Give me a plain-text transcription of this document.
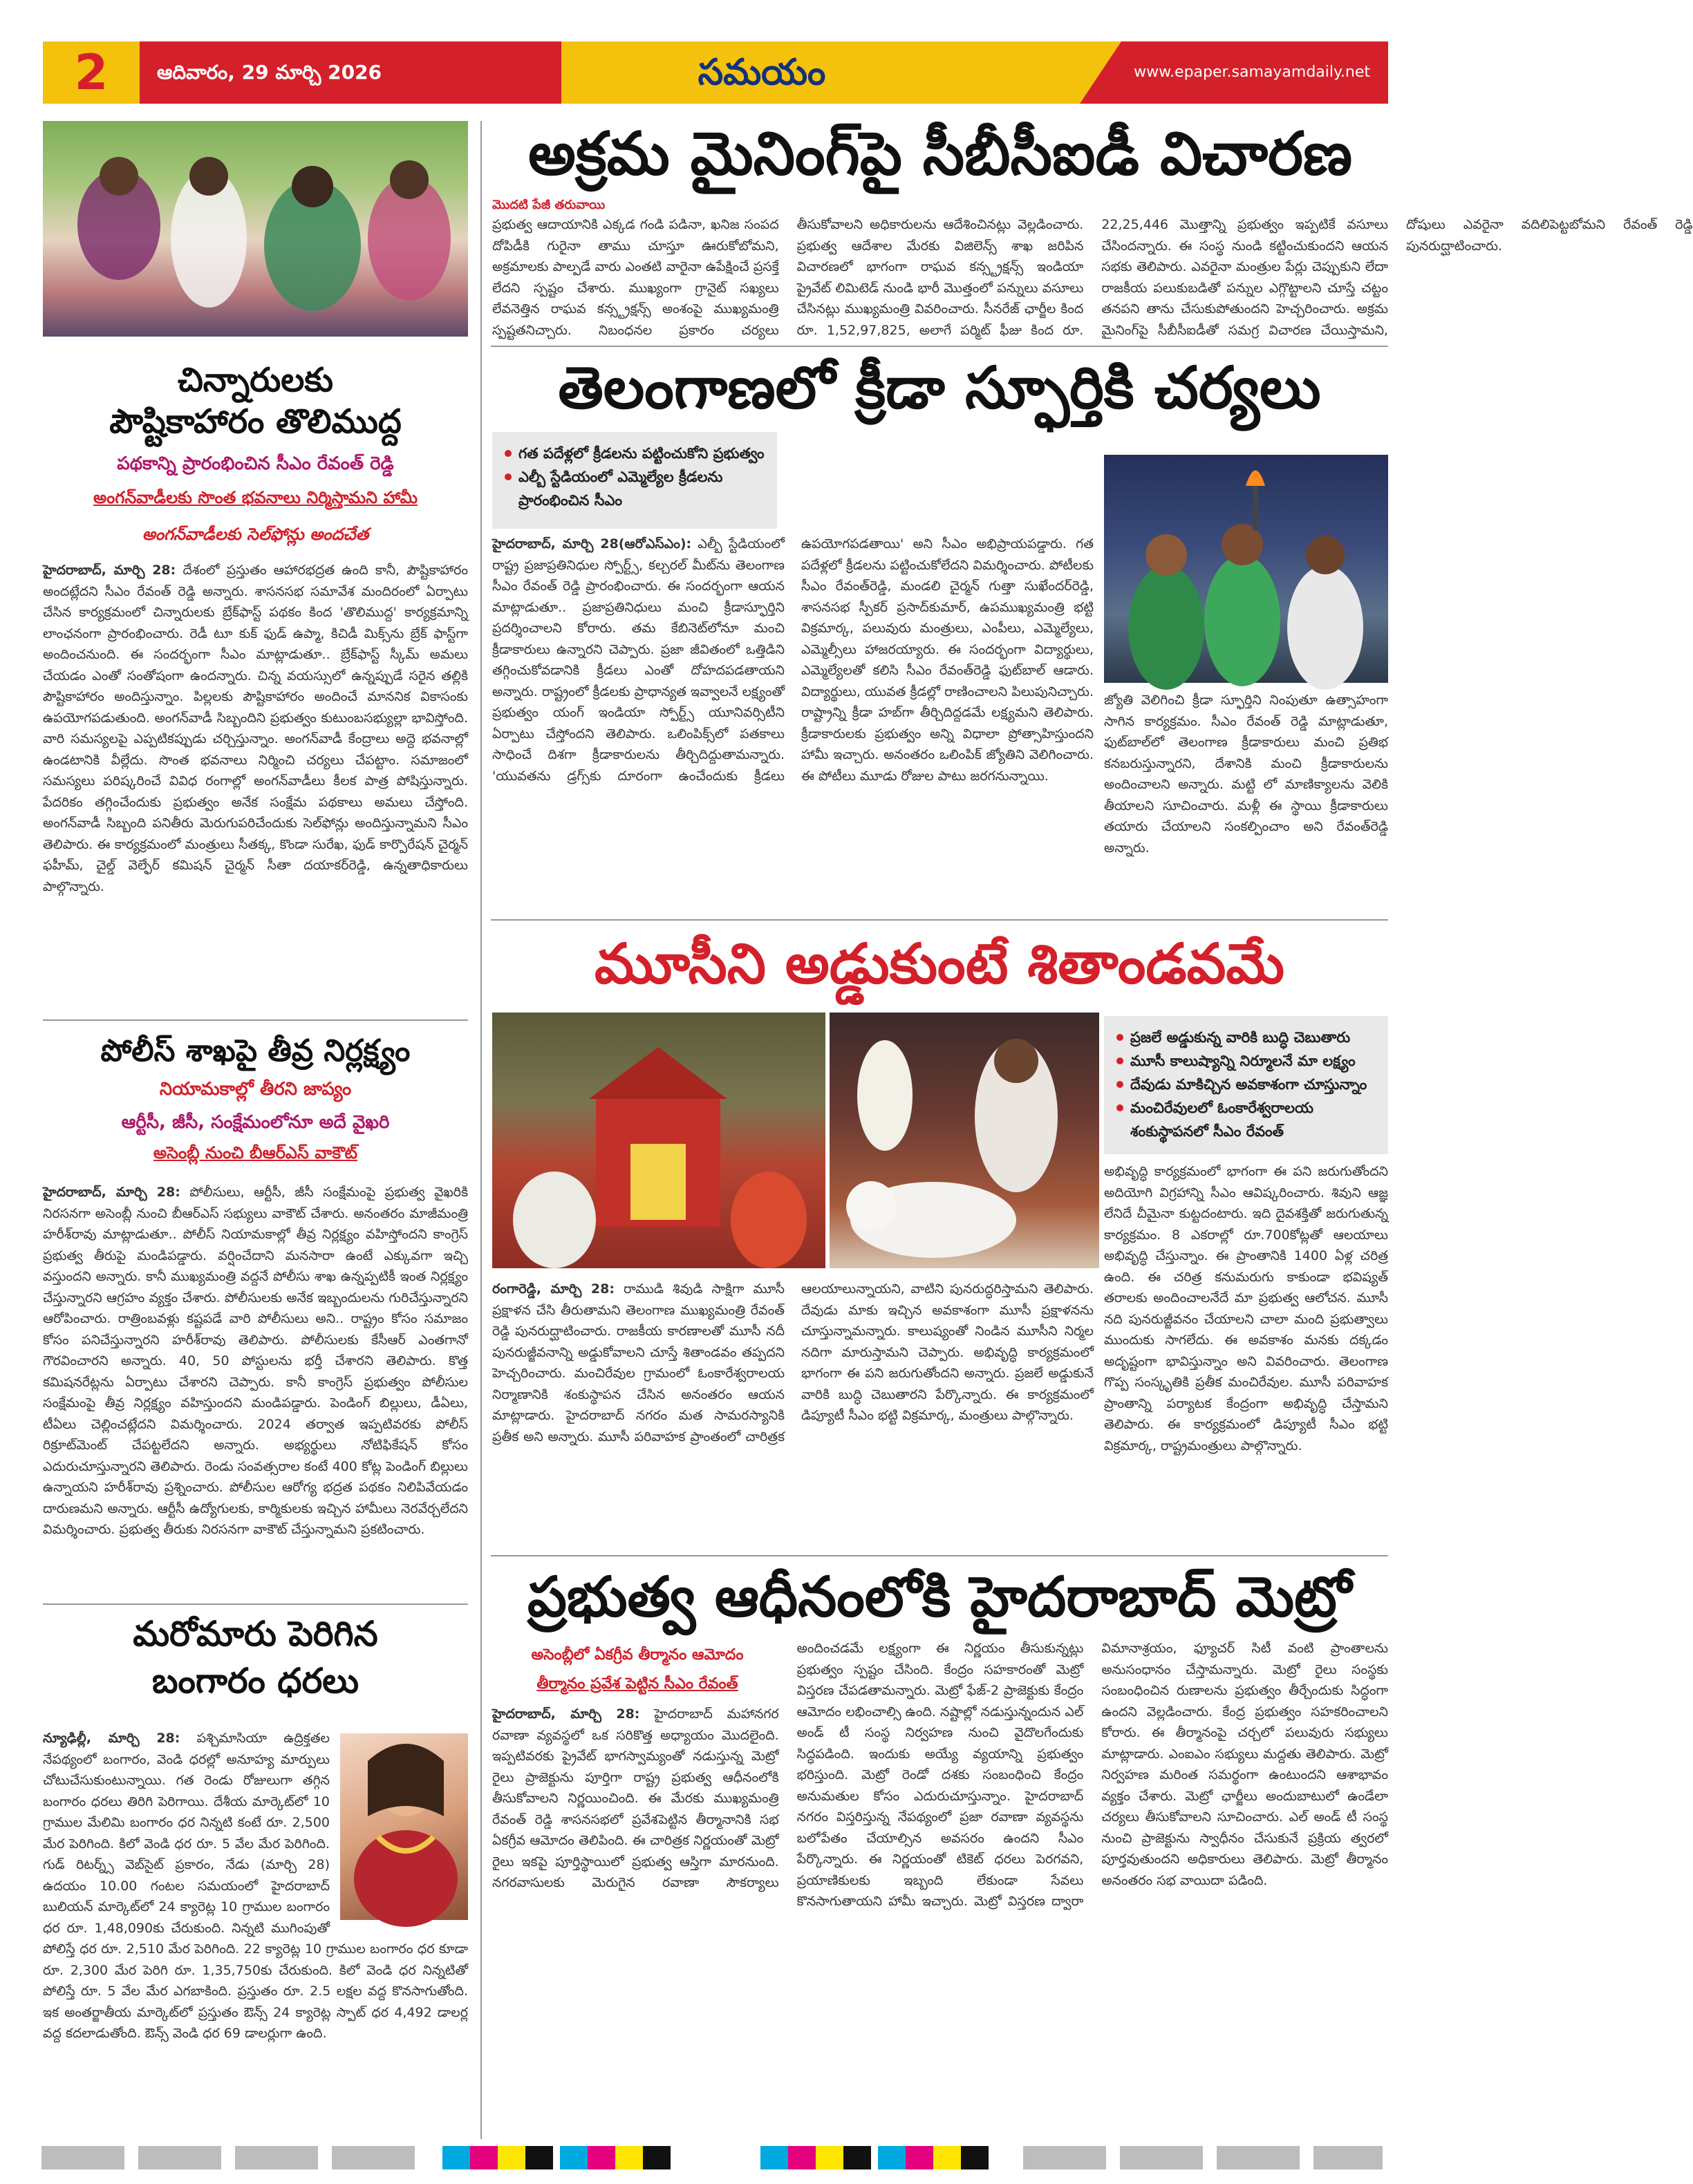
2	ఆదివారం, 29 మార్చి 2026	సమయం	www.epaper.samayamdaily.net
చిన్నారులకు
పౌష్టికాహారం తొలిముద్ద
పథకాన్ని ప్రారంభించిన సీఎం రేవంత్ రెడ్డి
అంగన్‌వాడీలకు సొంత భవనాలు నిర్మిస్తామని హామీ
అంగన్‌వాడీలకు సెల్‌ఫోన్లు అందచేత
హైదరాబాద్, మార్చి 28: దేశంలో ప్రస్తుతం ఆహారభద్రత ఉంది కానీ, పౌష్టికాహారం అందట్లేదని సీఎం రేవంత్ రెడ్డి అన్నారు. శాసనసభ సమావేశ మందిరంలో ఏర్పాటు చేసిన కార్యక్రమంలో చిన్నారులకు బ్రేక్‌ఫాస్ట్ పథకం కింద 'తొలిముద్ద' కార్యక్రమాన్ని లాంఛనంగా ప్రారంభించారు. రెడీ టూ కుక్ ఫుడ్ ఉప్మా, కిచిడీ మిక్స్‌ను బ్రేక్ ఫాస్ట్‌గా అందించనుంది. ఈ సందర్భంగా సీఎం మాట్లాడుతూ.. బ్రేక్‌ఫాస్ట్ స్కీమ్ అమలు చేయడం ఎంతో సంతోషంగా ఉందన్నారు. చిన్న వయస్సులో ఉన్నప్పుడే సరైన తల్లికి పౌష్టికాహారం అందిస్తున్నాం. పిల్లలకు పౌష్టికాహారం అందించే మాననిక వికాసంకు ఉపయోగపడుతుంది. అంగన్‌వాడీ సిబ్బందిని ప్రభుత్వం కుటుంబసభ్యుల్లా భావిస్తోంది. వారి సమస్యలపై ఎప్పటికప్పుడు చర్చిస్తున్నాం. అంగన్‌వాడీ కేంద్రాలు అద్దె భవనాల్లో ఉండటానికి వీల్లేదు. సొంత భవనాలు నిర్మించి చర్యలు చేపట్టాం. సమాజంలో సమస్యలు పరిష్కరించే వివిధ రంగాల్లో అంగన్‌వాడీలు కీలక పాత్ర పోషిస్తున్నారు. పేదరికం తగ్గించేందుకు ప్రభుత్వం అనేక సంక్షేమ పథకాలు అమలు చేస్తోంది. అంగన్‌వాడీ సిబ్బంది పనితీరు మెరుగుపరిచేందుకు సెల్‌ఫోన్లు అందిస్తున్నామని సీఎం తెలిపారు. ఈ కార్యక్రమంలో మంత్రులు సీతక్క, కొండా సురేఖ, ఫుడ్ కార్పొరేషన్ చైర్మన్ ఫహీమ్, చైల్డ్ వెల్ఫేర్ కమిషన్ చైర్మన్ సీతా దయాకర్‌రెడ్డి, ఉన్నతాధికారులు పాల్గొన్నారు.
పోలీస్ శాఖపై తీవ్ర నిర్లక్ష్యం
నియామకాల్లో తీరని జాప్యం
ఆర్టీసీ, జీసీ, సంక్షేమంలోనూ అదే వైఖరి
అసెంబ్లీ నుంచి బీఆర్ఎస్ వాకౌట్
హైదరాబాద్, మార్చి 28: పోలీసులు, ఆర్టీసీ, జీసీ సంక్షేమంపై ప్రభుత్వ వైఖరికి నిరసనగా అసెంబ్లీ నుంచి బీఆర్ఎస్ సభ్యులు వాకౌట్ చేశారు. అనంతరం మాజీమంత్రి హరీశ్‌రావు మాట్లాడుతూ.. పోలీస్ నియామకాల్లో తీవ్ర నిర్లక్ష్యం వహిస్తోందని కాంగ్రెస్ ప్రభుత్వ తీరుపై మండిపడ్డారు. వర్షించేదాని మనసారా ఉంటే ఎక్కువగా ఇచ్చి వస్తుందని అన్నారు. కానీ ముఖ్యమంత్రి వద్దనే పోలీసు శాఖ ఉన్నప్పటికీ ఇంత నిర్లక్ష్యం చేస్తున్నారని ఆగ్రహం వ్యక్తం చేశారు. పోలీసులకు అనేక ఇబ్బందులను గురిచేస్తున్నారని ఆరోపించారు. రాత్రింబవళ్లు కష్టపడే వారి పోలీసులు అని.. రాష్ట్రం కోసం సమాజం కోసం పనిచేస్తున్నారని హరీశ్‌రావు తెలిపారు. పోలీసులకు కేసీఆర్ ఎంతగానో గౌరవించారని అన్నారు. 40, 50 పోస్టులను భర్తీ చేశారని తెలిపారు. కొత్త కమిషనరేట్లను ఏర్పాటు చేశారని చెప్పారు. కానీ కాంగ్రెస్ ప్రభుత్వం పోలీసుల సంక్షేమంపై తీవ్ర నిర్లక్ష్యం వహిస్తుందని మండిపడ్డారు. పెండింగ్ బిల్లులు, డీఏలు, టీఏలు చెల్లించట్లేదని విమర్శించారు. 2024 తర్వాత ఇప్పటివరకు పోలీస్ రిక్రూట్‌మెంట్ చేపట్టలేదని అన్నారు. అభ్యర్థులు నోటిఫికేషన్ కోసం ఎదురుచూస్తున్నారని తెలిపారు. రెండు సంవత్సరాల కంటే 400 కోట్ల పెండింగ్ బిల్లులు ఉన్నాయని హరీశ్‌రావు ప్రశ్నించారు. పోలీసుల ఆరోగ్య భద్రత పథకం నిలిపివేయడం దారుణమని అన్నారు. ఆర్టీసీ ఉద్యోగులకు, కార్మికులకు ఇచ్చిన హామీలు నెరవేర్చలేదని విమర్శించారు. ప్రభుత్వ తీరుకు నిరసనగా వాకౌట్ చేస్తున్నామని ప్రకటించారు.
మరోమారు పెరిగిన
బంగారం ధరలు
న్యూఢిల్లీ, మార్చి 28: పశ్చిమాసియా ఉద్రిక్తతల నేపథ్యంలో బంగారం, వెండి ధరల్లో అనూహ్య మార్పులు చోటుచేసుకుంటున్నాయి. గత రెండు రోజులుగా తగ్గిన బంగారం ధరలు తిరిగి పెరిగాయి. దేశీయ మార్కెట్‌లో 10 గ్రాముల మేలిమి బంగారం ధర నిన్నటి కంటే రూ. 2,500 మేర పెరిగింది. కిలో వెండి ధర రూ. 5 వేల మేర పెరిగింది. గుడ్ రిటర్న్స్ వెబ్‌సైట్ ప్రకారం, నేడు (మార్చి 28) ఉదయం 10.00 గంటల సమయంలో హైదరాబాద్ బులియన్ మార్కెట్‌లో 24 క్యారెట్ల 10 గ్రాముల బంగారం ధర రూ. 1,48,090కు చేరుకుంది. నిన్నటి ముగింపుతో పోలిస్తే ధర రూ. 2,510 మేర పెరిగింది. 22 క్యారెట్ల 10 గ్రాముల బంగారం ధర కూడా రూ. 2,300 మేర పెరిగి రూ. 1,35,750కు చేరుకుంది. కిలో వెండి ధర నిన్నటితో పోలిస్తే రూ. 5 వేల మేర ఎగబాకింది. ప్రస్తుతం రూ. 2.5 లక్షల వద్ద కొనసాగుతోంది. ఇక అంతర్జాతీయ మార్కెట్‌లో ప్రస్తుతం ఔన్స్ 24 క్యారెట్ల స్పాట్ ధర 4,492 డాలర్ల వద్ద కదలాడుతోంది. ఔన్స్ వెండి ధర 69 డాలర్లుగా ఉంది.
అక్రమ మైనింగ్‌పై సీబీసీఐడీ విచారణ
మొదటి పేజీ తరువాయి
ప్రభుత్వ ఆదాయానికి ఎక్కడ గండి పడినా, ఖనిజ సంపద దోపిడీకి గురైనా తాము చూస్తూ ఊరుకోబోమని, అక్రమాలకు పాల్పడే వారు ఎంతటి వారైనా ఉపేక్షించే ప్రసక్తే లేదని స్పష్టం చేశారు. ముఖ్యంగా గ్రానైట్ సఖ్యలు లేవనెత్తిన రాఘవ కన్స్ట్రక్షన్స్ అంశంపై ముఖ్యమంత్రి స్పష్టతనిచ్చారు. నిబంధనల ప్రకారం చర్యలు తీసుకోవాలని అధికారులను ఆదేశించినట్లు వెల్లడించారు. ప్రభుత్వ ఆదేశాల మేరకు విజిలెన్స్ శాఖ జరిపిన విచారణలో భాగంగా రాఘవ కన్స్ట్రక్షన్స్ ఇండియా ప్రైవేట్ లిమిటెడ్ నుండి భారీ మొత్తంలో పన్నులు వసూలు చేసినట్లు ముఖ్యమంత్రి వివరించారు. సీనరేజ్ ఛార్జీల కింద రూ. 1,52,97,825, అలాగే పర్మిట్ ఫీజు కింద రూ. 22,25,446 మొత్తాన్ని ప్రభుత్వం ఇప్పటికే వసూలు చేసిందన్నారు. ఈ సంస్థ నుండి కట్టించుకుందని ఆయన సభకు తెలిపారు. ఎవరైనా మంత్రుల పేర్లు చెప్పుకుని లేదా రాజకీయ పలుకుబడితో పన్నుల ఎగ్గొట్టాలని చూస్తే చట్టం తనపని తాను చేసుకుపోతుందని హెచ్చరించారు. అక్రమ మైనింగ్‌పై సీబీసీఐడీతో సమగ్ర విచారణ చేయిస్తామని, దోషులు ఎవరైనా వదిలిపెట్టబోమని రేవంత్ రెడ్డి పునరుద్ఘాటించారు.
తెలంగాణలో క్రీడా స్ఫూర్తికి చర్యలు
గత పదేళ్లలో క్రీడలను పట్టించుకోని ప్రభుత్వం
ఎల్బీ స్టేడియంలో ఎమ్మెల్యేల క్రీడలను ప్రారంభించిన సీఎం
హైదరాబాద్, మార్చి 28(ఆరోఎస్ఎం): ఎల్బీ స్టేడియంలో రాష్ట్ర ప్రజాప్రతినిధుల స్పోర్ట్స్, కల్చరల్ మీట్‌ను తెలంగాణ సీఎం రేవంత్ రెడ్డి ప్రారంభించారు. ఈ సందర్భంగా ఆయన మాట్లాడుతూ.. ప్రజాప్రతినిధులు మంచి క్రీడాస్ఫూర్తిని ప్రదర్శించాలని కోరారు. తమ కేబినెట్‌లోనూ మంచి క్రీడాకారులు ఉన్నారని చెప్పారు. ప్రజా జీవితంలో ఒత్తిడిని తగ్గించుకోవడానికి క్రీడలు ఎంతో దోహదపడతాయని అన్నారు. రాష్ట్రంలో క్రీడలకు ప్రాధాన్యత ఇవ్వాలనే లక్ష్యంతో ప్రభుత్వం యంగ్ ఇండియా స్పోర్ట్స్ యూనివర్సిటీని ఏర్పాటు చేస్తోందని తెలిపారు. ఒలింపిక్స్‌లో పతకాలు సాధించే దిశగా క్రీడాకారులను తీర్చిదిద్దుతామన్నారు. 'యువతను డ్రగ్స్‌కు దూరంగా ఉంచేందుకు క్రీడలు ఉపయోగపడతాయి' అని సీఎం అభిప్రాయపడ్డారు. గత పదేళ్లలో క్రీడలను పట్టించుకోలేదని విమర్శించారు. పోటీలకు సీఎం రేవంత్‌రెడ్డి, మండలి చైర్మన్ గుత్తా సుఖేందర్‌రెడ్డి, శాసనసభ స్పీకర్ ప్రసాద్‌కుమార్, ఉపముఖ్యమంత్రి భట్టి విక్రమార్క, పలువురు మంత్రులు, ఎంపీలు, ఎమ్మెల్యేలు, ఎమ్మెల్సీలు హాజరయ్యారు. ఈ సందర్భంగా విద్యార్థులు, ఎమ్మెల్యేలతో కలిసి సీఎం రేవంత్‌రెడ్డి ఫుట్‌బాల్ ఆడారు. విద్యార్థులు, యువత క్రీడల్లో రాణించాలని పిలుపునిచ్చారు. రాష్ట్రాన్ని క్రీడా హబ్‌గా తీర్చిదిద్దడమే లక్ష్యమని తెలిపారు. క్రీడాకారులకు ప్రభుత్వం అన్ని విధాలా ప్రోత్సాహిస్తుందని హామీ ఇచ్చారు. అనంతరం ఒలింపిక్ జ్యోతిని వెలిగించారు. ఈ పోటీలు మూడు రోజుల పాటు జరగనున్నాయి.
జ్యోతి వెలిగించి క్రీడా స్ఫూర్తిని నింపుతూ ఉత్సాహంగా సాగిన కార్యక్రమం. సీఎం రేవంత్ రెడ్డి మాట్లాడుతూ, ఫుట్‌బాల్‌లో తెలంగాణ క్రీడాకారులు మంచి ప్రతిభ కనబరుస్తున్నారని, దేశానికి మంచి క్రీడాకారులను అందించాలని అన్నారు. మట్టి లో మాణిక్యాలను వెలికి తీయాలని సూచించారు. మళ్లీ ఈ స్థాయి క్రీడాకారులు తయారు చేయాలని సంకల్పించాం అని రేవంత్‌రెడ్డి అన్నారు.
మూసీని అడ్డుకుంటే శితాండవమే
ప్రజలే అడ్డుకున్న వారికి బుద్ధి చెబుతారు
మూసీ కాలుష్యాన్ని నిర్మూలనే మా లక్ష్యం
దేవుడు మాకిచ్చిన అవకాశంగా చూస్తున్నాం
మంచిరేవులలో ఓంకారేశ్వరాలయ శంకుస్థాపనలో సీఎం రేవంత్
అభివృద్ధి కార్యక్రమంలో భాగంగా ఈ పని జరుగుతోందని అదియోగి విగ్రహాన్ని సీఎం ఆవిష్కరించారు. శివుని ఆజ్ఞ లేనిదే చీమైనా కుట్టదంటారు. ఇది దైవశక్తితో జరుగుతున్న కార్యక్రమం. 8 ఎకరాల్లో రూ.700కోట్లతో ఆలయాలు అభివృద్ధి చేస్తున్నాం. ఈ ప్రాంతానికి 1400 ఏళ్ల చరిత్ర ఉంది. ఈ చరిత్ర కనుమరుగు కాకుండా భవిష్యత్ తరాలకు అందించాలనేదే మా ప్రభుత్వ ఆలోచన. మూసీ నది పునరుజ్జీవనం చేయాలని చాలా మంది ప్రభుత్వాలు ముందుకు సాగలేదు. ఈ అవకాశం మనకు దక్కడం అదృష్టంగా భావిస్తున్నాం అని వివరించారు. తెలంగాణ గొప్ప సంస్కృతికి ప్రతీక మంచిరేవుల. మూసీ పరివాహక ప్రాంతాన్ని పర్యాటక కేంద్రంగా అభివృద్ధి చేస్తామని తెలిపారు. ఈ కార్యక్రమంలో డిప్యూటీ సీఎం భట్టి విక్రమార్క, రాష్ట్రమంత్రులు పాల్గొన్నారు.
రంగారెడ్డి, మార్చి 28: రాముడి శివుడి సాక్షిగా మూసీ ప్రక్షాళన చేసి తీరుతామని తెలంగాణ ముఖ్యమంత్రి రేవంత్ రెడ్డి పునరుద్ఘాటించారు. రాజకీయ కారణాలతో మూసీ నదీ పునరుజ్జీవనాన్ని అడ్డుకోవాలని చూస్తే శితాండవం తప్పదని హెచ్చరించారు. మంచిరేవుల గ్రామంలో ఓంకారేశ్వరాలయ నిర్మాణానికి శంకుస్థాపన చేసిన అనంతరం ఆయన మాట్లాడారు. హైదరాబాద్ నగరం మత సామరస్యానికి ప్రతీక అని అన్నారు. మూసీ పరివాహక ప్రాంతంలో చారిత్రక ఆలయాలున్నాయని, వాటిని పునరుద్ధరిస్తామని తెలిపారు. దేవుడు మాకు ఇచ్చిన అవకాశంగా మూసీ ప్రక్షాళనను చూస్తున్నామన్నారు. కాలుష్యంతో నిండిన మూసీని నిర్మల నదిగా మారుస్తామని చెప్పారు. అభివృద్ధి కార్యక్రమంలో భాగంగా ఈ పని జరుగుతోందని అన్నారు. ప్రజలే అడ్డుకునే వారికి బుద్ధి చెబుతారని పేర్కొన్నారు. ఈ కార్యక్రమంలో డిప్యూటీ సీఎం భట్టి విక్రమార్క, మంత్రులు పాల్గొన్నారు.
ప్రభుత్వ ఆధీనంలోకి హైదరాబాద్ మెట్రో
అసెంబ్లీలో ఏకగ్రీవ తీర్మానం ఆమోదం
తీర్మానం ప్రవేశ పెట్టిన సీఎం రేవంత్
హైదరాబాద్, మార్చి 28: హైదరాబాద్ మహానగర రవాణా వ్యవస్థలో ఒక సరికొత్త అధ్యాయం మొదలైంది. ఇప్పటివరకు ప్రైవేట్ భాగస్వామ్యంతో నడుస్తున్న మెట్రో రైలు ప్రాజెక్టును పూర్తిగా రాష్ట్ర ప్రభుత్వ ఆధీనంలోకి తీసుకోవాలని నిర్ణయించింది. ఈ మేరకు ముఖ్యమంత్రి రేవంత్ రెడ్డి శాసనసభలో ప్రవేశపెట్టిన తీర్మానానికి సభ ఏకగ్రీవ ఆమోదం తెలిపింది. ఈ చారిత్రక నిర్ణయంతో మెట్రో రైలు ఇకపై పూర్తిస్థాయిలో ప్రభుత్వ ఆస్తిగా మారనుంది. నగరవాసులకు మెరుగైన రవాణా సౌకర్యాలు అందించడమే లక్ష్యంగా ఈ నిర్ణయం తీసుకున్నట్లు ప్రభుత్వం స్పష్టం చేసింది. కేంద్రం సహకారంతో మెట్రో విస్తరణ చేపడతామన్నారు. మెట్రో ఫేజ్-2 ప్రాజెక్టుకు కేంద్రం ఆమోదం లభించాల్సి ఉంది. నష్టాల్లో నడుస్తున్నందున ఎల్ అండ్ టీ సంస్థ నిర్వహణ నుంచి వైదొలగేందుకు సిద్ధపడింది. ఇందుకు అయ్యే వ్యయాన్ని ప్రభుత్వం భరిస్తుంది. మెట్రో రెండో దశకు సంబంధించి కేంద్రం అనుమతుల కోసం ఎదురుచూస్తున్నాం. హైదరాబాద్ నగరం విస్తరిస్తున్న నేపథ్యంలో ప్రజా రవాణా వ్యవస్థను బలోపేతం చేయాల్సిన అవసరం ఉందని సీఎం పేర్కొన్నారు. ఈ నిర్ణయంతో టికెట్ ధరలు పెరగవని, ప్రయాణికులకు ఇబ్బంది లేకుండా సేవలు కొనసాగుతాయని హామీ ఇచ్చారు. మెట్రో విస్తరణ ద్వారా విమానాశ్రయం, ఫ్యూచర్ సిటీ వంటి ప్రాంతాలను అనుసంధానం చేస్తామన్నారు. మెట్రో రైలు సంస్థకు సంబంధించిన రుణాలను ప్రభుత్వం తీర్చేందుకు సిద్ధంగా ఉందని వెల్లడించారు. కేంద్ర ప్రభుత్వం సహకరించాలని కోరారు. ఈ తీర్మానంపై చర్చలో పలువురు సభ్యులు మాట్లాడారు. ఎంఐఎం సభ్యులు మద్దతు తెలిపారు. మెట్రో నిర్వహణ మరింత సమర్థంగా ఉంటుందని ఆశాభావం వ్యక్తం చేశారు. మెట్రో ఛార్జీలు అందుబాటులో ఉండేలా చర్యలు తీసుకోవాలని సూచించారు. ఎల్ అండ్ టీ సంస్థ నుంచి ప్రాజెక్టును స్వాధీనం చేసుకునే ప్రక్రియ త్వరలో పూర్తవుతుందని అధికారులు తెలిపారు. మెట్రో తీర్మానం అనంతరం సభ వాయిదా పడింది.
